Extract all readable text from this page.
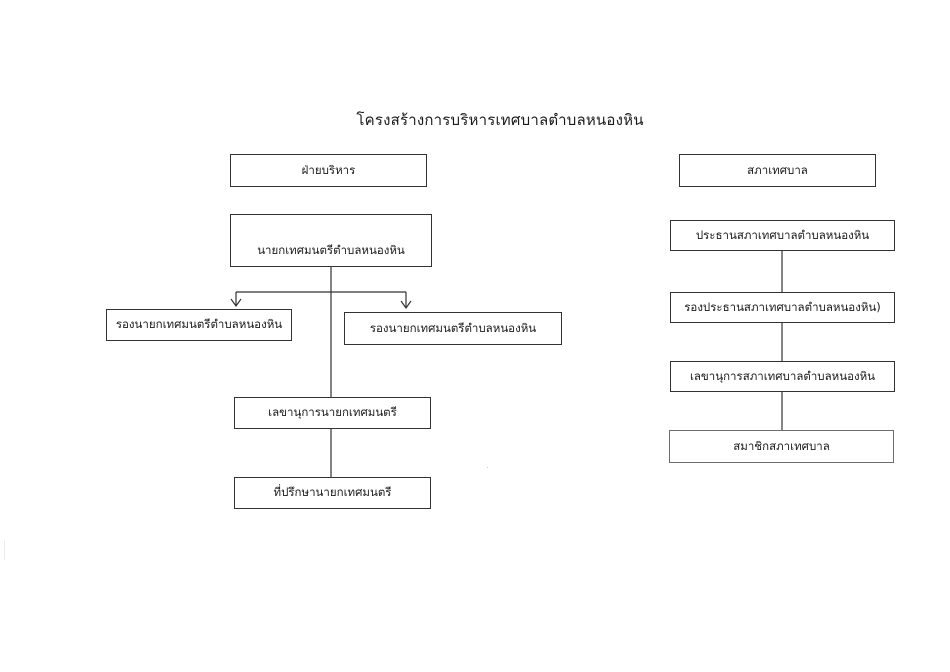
โครงสร้างการบริหารเทศบาลตำบลหนองหิน
ฝ่ายบริหาร
นายกเทศมนตรีตำบลหนองหิน
รองนายกเทศมนตรีตำบลหนองหิน	รองนายกเทศมนตรีตำบลหนองหิน
เลขานุการนายกเทศมนตรี
ที่ปรึกษานายกเทศมนตรี
สภาเทศบาล
ประธานสภาเทศบาลตำบลหนองหิน
รองประธานสภาเทศบาลตำบลหนองหิน)
เลขานุการสภาเทศบาลตำบลหนองหิน
สมาชิกสภาเทศบาล
